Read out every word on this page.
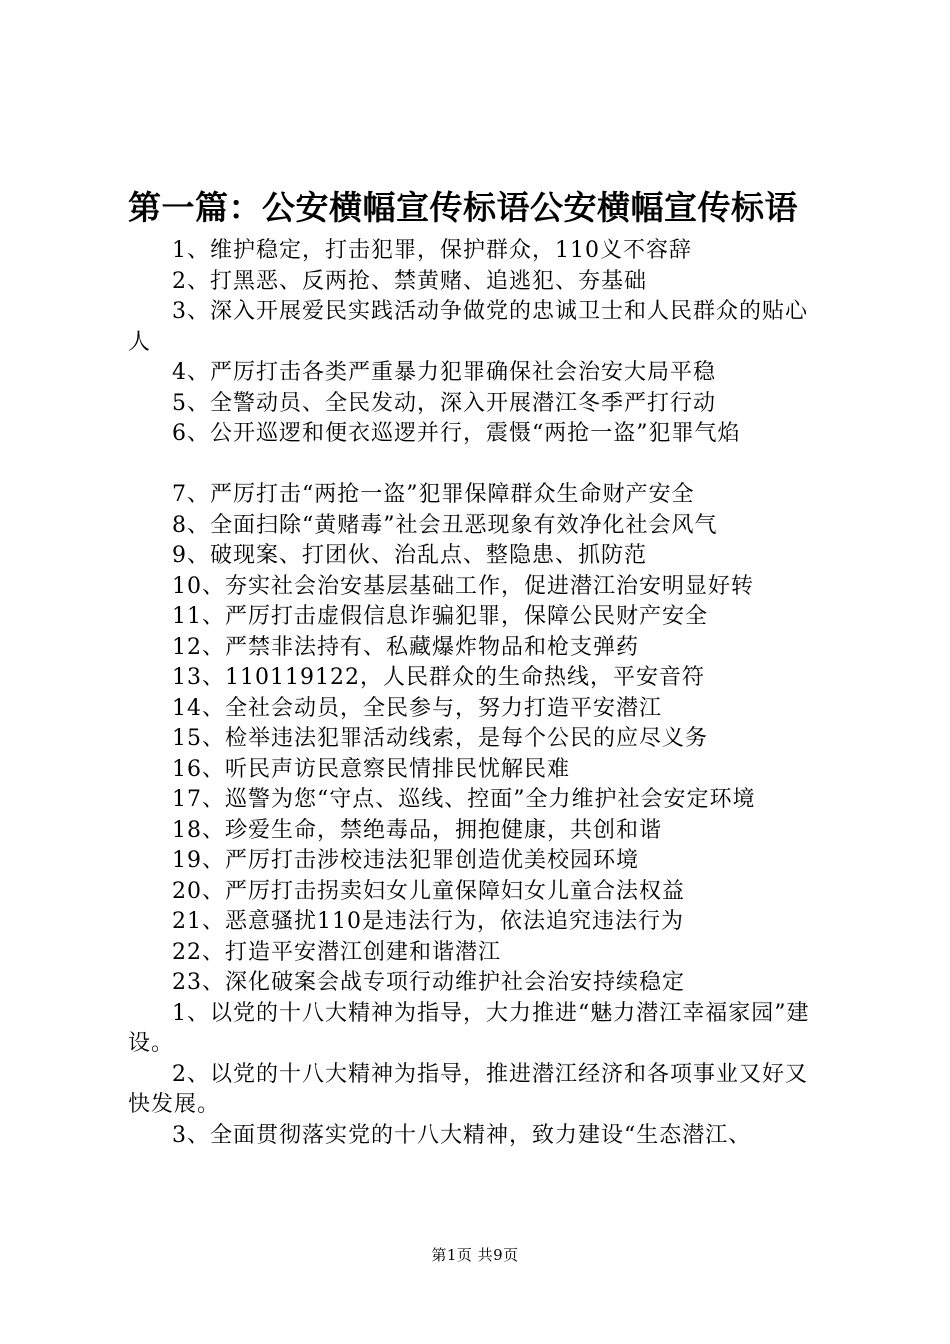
第一篇：公安横幅宣传标语公安横幅宣传标语

1、维护稳定，打击犯罪，保护群众，110义不容辞

2、打黑恶、反两抢、禁黄赌、追逃犯、夯基础

3、深入开展爱民实践活动争做党的忠诚卫士和人民群众的贴心人

4、严厉打击各类严重暴力犯罪确保社会治安大局平稳

5、全警动员、全民发动，深入开展潜江冬季严打行动

6、公开巡逻和便衣巡逻并行，震慑“两抢一盗”犯罪气焰

7、严厉打击“两抢一盗”犯罪保障群众生命财产安全

8、全面扫除“黄赌毒”社会丑恶现象有效净化社会风气

9、破现案、打团伙、治乱点、整隐患、抓防范

10、夯实社会治安基层基础工作，促进潜江治安明显好转

11、严厉打击虚假信息诈骗犯罪，保障公民财产安全

12、严禁非法持有、私藏爆炸物品和枪支弹药

13、110119122，人民群众的生命热线，平安音符

14、全社会动员，全民参与，努力打造平安潜江

15、检举违法犯罪活动线索，是每个公民的应尽义务

16、听民声访民意察民情排民忧解民难

17、巡警为您“守点、巡线、控面”全力维护社会安定环境

18、珍爱生命，禁绝毒品，拥抱健康，共创和谐

19、严厉打击涉校违法犯罪创造优美校园环境

20、严厉打击拐卖妇女儿童保障妇女儿童合法权益

21、恶意骚扰110是违法行为，依法追究违法行为

22、打造平安潜江创建和谐潜江

23、深化破案会战专项行动维护社会治安持续稳定

1、以党的十八大精神为指导，大力推进“魅力潜江幸福家园”建设。

2、以党的十八大精神为指导，推进潜江经济和各项事业又好又快发展。

3、全面贯彻落实党的十八大精神，致力建设“生态潜江、

第1页 共9页
